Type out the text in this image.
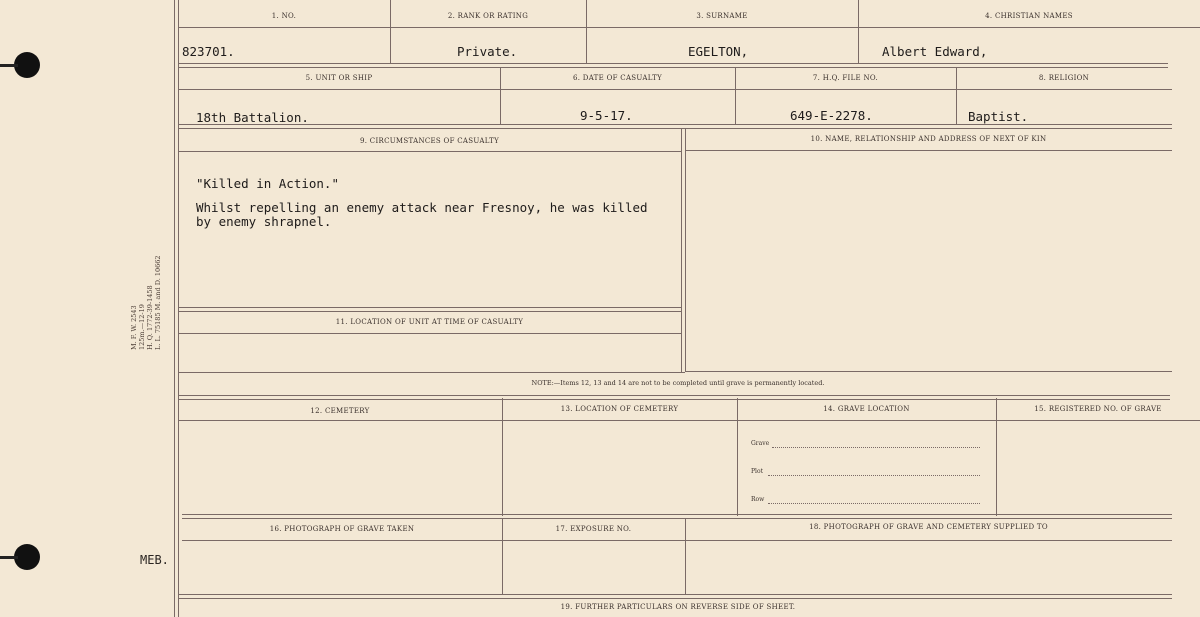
M. F. W. 2543 125m.—12-19 H. Q. 1772-39-1458 L. L. 75185 M. and D. 10662
MEB.
1. NO.	2. RANK OR RATING	3. SURNAME	4. CHRISTIAN NAMES
823701.	Private.	EGELTON,	Albert Edward,
5. UNIT OR SHIP	6. DATE OF CASUALTY	7. H.Q. FILE NO.	8. RELIGION
18th Battalion.	9-5-17.	649-E-2278.	Baptist.
9. CIRCUMSTANCES OF CASUALTY	10. NAME, RELATIONSHIP AND ADDRESS OF NEXT OF KIN
"Killed in Action."
Whilst repelling an enemy attack near Fresnoy, he was killed
by enemy shrapnel.
11. LOCATION OF UNIT AT TIME OF CASUALTY
NOTE:—Items 12, 13 and 14 are not to be completed until grave is permanently located.
12. CEMETERY	13. LOCATION OF CEMETERY	14. GRAVE LOCATION	15. REGISTERED NO. OF GRAVE
Grave
Plot
Row
16. PHOTOGRAPH OF GRAVE TAKEN	17. EXPOSURE NO.	18. PHOTOGRAPH OF GRAVE AND CEMETERY SUPPLIED TO
19. FURTHER PARTICULARS ON REVERSE SIDE OF SHEET.
